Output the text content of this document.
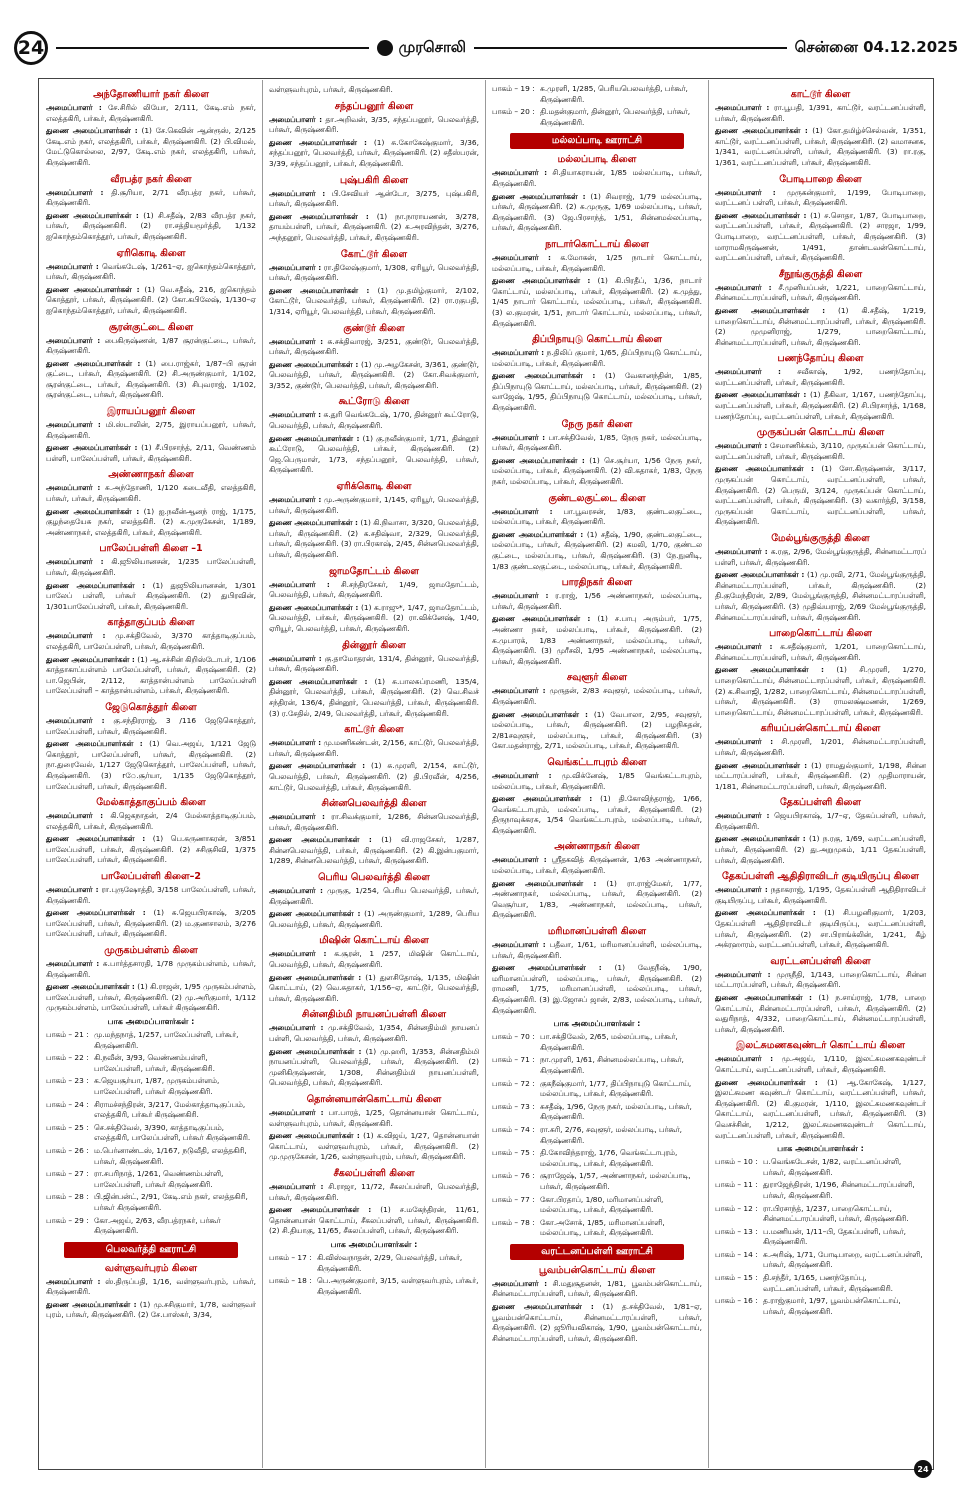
24	முரசொலி	சென்னை 04.12.2025
அந்தோணியார் நகர் கிளை
அமைப்பாளர் : சே.சிரில் லியோ, 2/111, கேடி.எம் நகர், எலத்தகிரி, பர்கூர், கிருஷ்ணகிரி.
துணை அமைப்பாளர்கள் : (1) சே.கெவின் ஆன்ரூஸ், 2/125 கேடி.எம் நகர், எலத்தகிரி, பர்கூர், கிருஷ்ணகிரி. (2) பி.விமல், மேட்டுகொல்லை, 2/97, கேடி.எம் நகர், எலத்தகிரி, பர்கூர், கிருஷ்ணகிரி.
வீரபத்ர நகர் கிளை
அமைப்பாளர் : தி.சூரியா, 2/71 வீரபத்ர நகர், பர்கூர், கிருஷ்ணகிரி.
துணை அமைப்பாளர்கள் : (1) சி.சதீஷ், 2/83 வீரபத்ர நகர், பர்கூர், கிருஷ்ணகிரி. (2) ரா.சத்தியமூர்த்தி, 1/132 ஐகொந்தம்கொத்தூர், பர்கூர், கிருஷ்ணகிரி.
ஏரிகொடி கிளை
அமைப்பாளர் : வெங்கடேஷ், 1/261–ஏ, ஐகொந்தம்கொத்தூர், பர்கூர், கிருஷ்ணகிரி.
துணை அமைப்பாளர்கள் : (1) வெ.சதீஷ், 216, ஐகொந்தம் கொத்தூர், பர்கூர், கிருஷ்ணகிரி. (2) கோ.கபிலேஷ், 1/130–ஏ ஐகொந்தம்கொத்தூர், பர்கூர், கிருஷ்ணகிரி.
சூரன்குட்டை கிளை
அமைப்பாளர் : பைகிருஷ்ணன், 1/87 சூரன்குட்டை, பர்கூர், கிருஷ்ணகிரி.
துணை அமைப்பாளர்கள் : (1) பை.ராஜ்கர், 1/87–பி சூரன் குட்டை, பர்கூர், கிருஷ்ணகிரி. (2) சி.அருண்குமார், 1/102, சூரன்குட்டை, பர்கூர், கிருஷ்ணகிரி. (3) சிபுவராஜ், 1/102, சூரன்குட்டை, பர்கூர், கிருஷ்ணகிரி.
இராயப்பனூர் கிளை
அமைப்பாளர் : மி.ஸ்டாலின், 2/75, இராயப்பனூர், பர்கூர், கிருஷ்ணகிரி.
துணை அமைப்பாளர்கள் : (1) சீ.பிரசாந்த், 2/11, வெண்ணம் பள்ளி, பாலேப்பள்ளி, பர்கூர், கிருஷ்ணகிரி.
அண்ணாநகர் கிளை
அமைப்பாளர் : சு.அந்தோணி, 1/120 கடைவீதி, எலத்தகிரி, பர்கூர், பர்கூர், கிருஷ்ணகிரி.
துணை அமைப்பாளர்கள் : (1) ஐ.நவீன்ஆனந் ராஜ், 1/175, குழந்தையேசு நகர், எலத்தகிரி. (2) க.முருகேசன், 1/189, அண்ணாநகர், எலத்தகிரி, பர்கூர், கிருஷ்ணகிரி.
பாலேப்பள்ளி கிளை –1
அமைப்பாளர் : கி.ஜூலியானசன், 1/235 பாலேப்பள்ளி, பர்கூர், கிருஷ்ணகிரி.
துணை அமைப்பாளர்கள் : (1) துஜூலியானசன், 1/301 பாலேப் பள்ளி, பர்கூர் கிருஷ்ணகிரி. (2) துபிரவின், 1/301பாலேப்பள்ளி, பர்கூர், கிருஷ்ணகிரி.
காத்தாகுப்பம் கிளை
அமைப்பாளர் : மு.சக்திவேல், 3/370 காத்தாடிகுப்பம், எலத்தகிரி, பாலேப்பள்ளி, பர்கூர், கிருஷ்ணகிரி.
துணை அமைப்பாளர்கள் : (1) ஆ.சச்சின் கிறிஸ்டோபர், 1/106 காத்தாகாப்பள்ளம் பாலேப்பள்ளி, பர்கூர், கிருஷ்ணகிரி. (2) பா.ஜெபின், 2/112, காத்தான்பள்ளம் பாலேப்பள்ளி பாலேப்பள்ளி – காத்தான்பள்ளம், பர்கூர், கிருஷ்ணகிரி.
ஜேடுகொத்தூர் கிளை
அமைப்பாளர் : கு.சந்திரராஜ், 3 /116 ஜேடுகொத்தூர், பாலேப்பள்ளி, பர்கூர், கிருஷ்ணகிரி.
துணை அமைப்பாளர்கள் : (1) வெ.அஜய், 1/121 ஜேடு கொத்தூர், பாலேப்பள்ளி, பர்கூர், கிருஷ்ணகிரி. (2) நா.துரைவேல், 1/127 ஜேடுகொத்தூர், பாலேப்பள்ளி, பர்கூர், கிருஷ்ணகிரி. (3) rே.சூர்யா, 1/135 ஜேடுகொத்தூர், பாலேப்பள்ளி, பர்கூர், கிருஷ்ணகிரி.
மேல்காத்தாகுப்பம் கிளை
அமைப்பாளர் : கி.ஜெகநாதன், 2/4 மேல்காத்தாடிகுப்பம், எலத்தகிரி, பர்கூர், கிருஷ்ணகிரி.
துணை அமைப்பாளர்கள் : (1) பெ.கருணாகரன், 3/851 பாலேப்பள்ளி, பர்கூர், கிருஷ்ணகிரி. (2) சசிகுசிவி, 1/375 பாலேப்பள்ளி, பர்கூர், கிருஷ்ணகிரி.
பாலேப்பள்ளி கிளை–2
அமைப்பாளர் : ரா.புருஷோத்தி, 3/158 பாலேப்பள்ளி, பர்கூர், கிருஷ்ணகிரி.
துணை அமைப்பாளர்கள் : (1) சு.ஜெயபிரகாஷ், 3/205 பாலேப்பள்ளி, பர்கூர், கிருஷ்ணகிரி. (2) ம.குணசாலம், 3/276 பாலேப்பள்ளி, பர்கூர், கிருஷ்ணகிரி.
முருகம்பள்ளம் கிளை
அமைப்பாளர் : சு.பார்த்தசாரதி, 1/78 முருகம்பள்ளம், பர்கூர், கிருஷ்ணகிரி.
துணை அமைப்பாளர்கள் : (1) கி.ராஜன், 1/95 முருகம்பள்ளம், பாலேப்பள்ளி, பர்கூர், கிருஷ்ணகிரி. (2) மு.அரிகுமார், 1/112 முருகம்பள்ளம், பாலேப்பள்ளி, பர்கூர் கிருஷ்ணகிரி.
பாக அமைப்பாளர்கள் :
பாகம் – 21 : மு.மந்தநாத், 1/257, பாலேப்பள்ளி, பர்கூர், கிருஷ்ணகிரி.
பாகம் – 22 : கி.நவீன், 3/93, வெண்ணம்பள்ளி, பாலேப்பள்ளி, பர்கூர், கிருஷ்ணகிரி.
பாகம் – 23 : க.ஜெயசூர்யா, 1/87, முருகம்பள்ளம், பாலேப்பள்ளி, பர்கூர் கிருஷ்ணகிரி.
பாகம் – 24 : சிராமச்சந்திரன், 3/217, மேல்காத்தாடிகுப்பம், எலத்தகிரி, பர்கூர் கிருஷ்ணகிரி.
பாகம் – 25 : செ.சக்திவேல், 3/390, காத்தாடிகுப்பம், எலத்தகிரி, பாலேப்பள்ளி, பர்கூர் கிருஷ்ணகிரி.
பாகம் – 26 : ம.பெர்னாண்டஸ், 1/167, நடுவீதி, எலத்தகிரி, பர்கூர், கிருஷ்ணகிரி.
பாகம் – 27 : ரா.சபரிநாத், 1/261, வெண்ணம்பள்ளி, பாலேப்பள்ளி, பர்கூர் கிருஷ்ணகிரி.
பாகம் – 28 : பி.ஜின்பன்ட், 2/91, கேடி.எம் நகர், எலத்தகிரி, பர்கூர் கிருஷ்ணகிரி.
பாகம் – 29 : கோ.அஜய், 2/63, வீரபத்ரநகர், பர்கூர் கிருஷ்ணகிரி.
பெலவர்த்தி ஊராட்சி
வள்ளுவர்புரம் கிளை
அமைப்பாளர் : ஸ்.திருப்பதி, 1/16, வள்ளுவர்புரம், பர்கூர், கிருஷ்ணகிரி.
துணை அமைப்பாளர்கள் : (1) மு.சசிகுமார், 1/78, வள்ளுவர் புரம், பர்கூர், கிருஷ்ணகிரி. (2) சே.பாஸ்கர், 3/34,
வள்ளுவர்புரம், பர்கூர், கிருஷ்ணகிரி.
சந்தப்பனூர் கிளை
அமைப்பாளர் : தா.அறிவன், 3/35, சந்தப்பனூர், பெலவர்த்தி, பர்கூர், கிருஷ்ணகிரி.
துணை அமைப்பாளர்கள் : (1) சு.கோகேஷ்குமார், 3/36, சந்தப்பனூர், பெலவர்த்தி, பர்கூர், கிருஷ்ணகிரி. (2) சதீஸ்பரன், 3/39, சந்தப்பனூர், பர்கூர், கிருஷ்ணகிரி.
புஷ்பகிரி கிளை
அமைப்பாளர் : பி.சேவியர் ஆன்டோ, 3/275, புஷ்பகிரி, பர்கூர், கிருஷ்ணகிரி.
துணை அமைப்பாளர்கள் : (1) நா.நாராயணன், 3/278, தாயம்பள்ளி, பர்கூர், கிருஷ்ணகிரி. (2) சு.அரவிந்தன், 3/276, அந்தனூர், பெலவர்த்தி, பர்கூர், கிருஷ்ணகிரி.
கோட்டூர் கிளை
அமைப்பாளர் : ரா.திலேஷ்குமார், 1/308, ஏரியூர், பெலவர்த்தி, பர்கூர், கிருஷ்ணகிரி.
துணை அமைப்பாளர்கள் : (1) மு.தமிழ்குமார், 2/102, கோட்டூர், பெலவர்த்தி, பர்கூர், கிருஷ்ணகிரி. (2) ரா.ரகுபதி, 1/314, ஏரியூர், பெலவர்த்தி, பர்கூர், கிருஷ்ணகிரி.
குண்டூர் கிளை
அமைப்பாளர் : சு.சக்திவாரஜ், 3/251, குண்டூர், பெலவர்த்தி, பர்கூர், கிருஷ்ணகிரி.
துணை அமைப்பாளர்கள் : (1) மு.அழகேசன், 3/361, குண்டூர், பெலவர்த்தி, பர்கூர், கிருஷ்ணகிரி. (2) கோ.சிவக்குமார், 3/352, குண்டூர், பெலவர்த்தி, பர்கூர், கிருஷ்ணகிரி.
கூட்ரோடு கிளை
அமைப்பாளர் : சு.துரி வெங்கடேஷ், 1/70, தின்னூர் கூட்ரோடு, பெலவர்த்தி, பர்கூர், கிருஷ்ணகிரி.
துணை அமைப்பாளர்கள் : (1) கு.நவீன்குமார், 1/71, தின்னூர் கூட்ரோடு, பெலவர்த்தி, பர்கூர், கிருஷ்ணகிரி. (2) ஜெ.பெருமாள், 1/73, சந்தப்பனூர், பெலவர்த்தி, பர்கூர், கிருஷ்ணகிரி.
ஏரிக்கொடி கிளை
அமைப்பாளர் : மு.அருண்குமார், 1/145, ஏரியூர், பெலவர்த்தி, பர்கூர், கிருஷ்ணகிரி.
துணை அமைப்பாளர்கள் : (1) கி.நிவாசா, 3/320, பெலவர்த்தி, பர்கூர், கிருஷ்ணகிரி. (2) க.சதிஷ்வா, 2/329, பெலவர்த்தி, பர்கூர், கிருஷ்ணகிரி. (3) ரா.பிரகாஷ், 2/45, சின்னபெலவர்த்தி, பர்கூர், கிருஷ்ணகிரி.
ஜாமதோட்டம் கிளை
அமைப்பாளர் : சி.சந்திரசேகர், 1/49, ஜாமதோட்டம், பெலவர்த்தி, பர்கூர், கிருஷ்ணகிரி.
துணை அமைப்பாளர்கள் : (1) க.ராஜு*, 1/47, ஜாமதோட்டம், பெலவர்த்தி, பர்கூர், கிருஷ்ணகிரி. (2) ரா.விக்னேஷ், 1/40, ஏரியூர், பெலவர்த்தி, பர்கூர், கிருஷ்ணகிரி.
தின்னூர் கிளை
அமைப்பாளர் : கு.தாமோதரன், 131/4, தின்னூர், பெலவர்த்தி, பர்கூர், கிருஷ்ணகிரி.
துணை அமைப்பாளர்கள் : (1) சு.பாலசுப்ரமணி, 135/4, தின்னூர், பெலவர்த்தி, பர்கூர், கிருஷ்ணகிரி. (2) வெ.சிவச் சந்திரன், 136/4, தின்னூர், பெலவர்த்தி, பர்கூர், கிருஷ்ணகிரி. (3) ர.சேதில், 2/49, பெலவர்த்தி, பர்கூர், கிருஷ்ணகிரி.
காட்டூர் கிளை
அமைப்பாளர் : மு.மணிகண்டன், 2/156, காட்டூர், பெலவர்த்தி, பர்கூர், கிருஷ்ணகிரி.
துணை அமைப்பாளர்கள் : (1) சு.முரளி, 2/154, காட்டூர், பெலவர்த்தி, பர்கூர், கிருஷ்ணகிரி. (2) தி.பிரவீன், 4/256, காட்டூர், பெலவர்த்தி, பர்கூர், கிருஷ்ணகிரி.
சின்னபெலவர்த்தி கிளை
அமைப்பாளர் : ரா.சிவக்குமார், 1/286, சின்னபெலவர்த்தி, பர்கூர், கிருஷ்ணகிரி.
துணை அமைப்பாளர்கள் : (1) வி.ராஜசேகர், 1/287, சின்னபெலவர்த்தி, பர்கூர், கிருஷ்ணகிரி. (2) கி.இன்பகுமார், 1/289, சின்னபெலவர்த்தி, பர்கூர், கிருஷ்ணகிரி.
பெரிய பெலவர்த்தி கிளை
அமைப்பாளர் : முருகு, 1/254, பெரிய பெலவர்த்தி, பர்கூர், கிருஷ்ணகிரி.
துணை அமைப்பாளர்கள் : (1) அருண்குமார், 1/289, பெரிய பெலவர்த்தி, பர்கூர், கிருஷ்ணகிரி.
மிஷின் கொட்டாய் கிளை
அமைப்பாளர் : க.சூரன், 1 /257, மிஷின் கொட்டாய், பெலவர்த்தி, பர்கூர், கிருஷ்ணகிரி.
துணை அமைப்பாளர்கள் : (1) துளசிதோஷ், 1/135, மிஷின் கொட்டாய், (2) வெ.சுதாகர், 1/156–ஏ, காட்டூர், பெலவர்த்தி, பர்கூர், கிருஷ்ணகிரி.
சின்னதிம்மி நாயனப்பள்ளி கிளை
அமைப்பாளர் : மு.சக்திவேல், 1/354, சின்னதிம்மி நாயனப் பள்ளி, பெலவர்த்தி, பர்கூர், கிருஷ்ணகிரி.
துணை அமைப்பாளர்கள் : (1) மு.ஹரி, 1/353, சின்னதிம்மி நாயனப்பள்ளி, பெலவர்த்தி, பர்கூர், கிருஷ்ணகிரி. (2) முனிகிருஷ்ணன், 1/308, சின்னதிம்மி நாயனப்பள்ளி, பெலவர்த்தி, பர்கூர், கிருஷ்ணகிரி.
தொன்னயான்கொட்டாய் கிளை
அமைப்பாளர் : பா.பாரத், 1/25, தொன்னயான் கொட்டாய், வள்ளுவர்புரம், பர்கூர், கிருஷ்ணகிரி.
துணை அமைப்பாளர்கள் : (1) க.விஜய், 1/27, தொன்னயான் கொட்டாய், வள்ளுவர்புரம், பர்கூர், கிருஷ்ணகிரி. (2) மு.முருகேசன், 1/26, வள்ளுவர்புரம், பர்கூர், கிருஷ்ணகிரி.
சீகலப்பள்ளி கிளை
அமைப்பாளர் : சி.ராஜா, 11/72, சீகலப்பள்ளி, பெலவர்த்தி, பர்கூர், கிருஷ்ணகிரி.
துணை அமைப்பாளர்கள் : (1) ச.மகேந்திரன், 11/61, தொன்னயான் கொட்டாய், சீகலப்பள்ளி, பர்கூர், கிருஷ்ணகிரி. (2) சி.தியாகு, 11/65, சீகலப்பள்ளி, பர்கூர், கிருஷ்ணகிரி.
பாக அமைப்பாளர்கள் :
பாகம் – 17 : கி.விஸ்வநாதன், 2/29, பெலவர்த்தி, பர்கூர், கிருஷ்ணகிரி.
பாகம் – 18 : பெ.அருண்குமார், 3/15, வள்ளுவர்புரம், பர்கூர், கிருஷ்ணகிரி.
பாகம் – 19 : சு.முரளி, 1/285, பெரியபெலவர்த்தி, பர்கூர், கிருஷ்ணகிரி.
பாகம் – 20 : தி.மதன்குமார், தின்னூர், பெலவர்த்தி, பர்கூர், கிருஷ்ணகிரி.
மல்லப்பாடி ஊராட்சி
மல்லப்பாடி கிளை
அமைப்பாளர் : சி.தியாகராயன், 1/85 மல்லப்பாடி, பர்கூர், கிருஷ்ணகிரி.
துணை அமைப்பாளர்கள் : (1) சிவராஜ், 1/79 மல்லப்பாடி, பர்கூர், கிருஷ்ணகிரி. (2) சு.முருகு, 1/69 மல்லப்பாடி, பர்கூர், கிருஷ்ணகிரி. (3) ஜே.பிரசாந்த், 1/51, சின்னமல்லப்பாடி, பர்கூர், கிருஷ்ணகிரி.
நாடார்கொட்டாய் கிளை
அமைப்பாளர் : க.மோகன், 1/25 நாடார் கொட்டாய், மல்லப்பாடி, பர்கூர், கிருஷ்ணகிரி.
துணை அமைப்பாளர்கள் : (1) கி.பிரதீப், 1/36, நாடார் கொட்டாய், மல்லப்பாடி, பர்கூர், கிருஷ்ணகிரி. (2) க.முத்து, 1/45 நாடார் கொட்டாய், மல்லப்பாடி, பர்கூர், கிருஷ்ணகிரி. (3) ல.குமரன், 1/51, நாடார் கொட்டாய், மல்லப்பாடி, பர்கூர், கிருஷ்ணகிரி.
திப்பிநாயுடு கொட்டாய் கிளை
அமைப்பாளர் : ந.திலிப் குமார், 1/65, திப்பிநாயுடு கொட்டாய், மல்லப்பாடி, பர்கூர், கிருஷ்ணகிரி.
துணை அமைப்பாளர்கள் : (1) வேகானந்தின், 1/85, திப்பிநாயுடு கொட்டாய், மல்லப்பாடி, பர்கூர், கிருஷ்ணகிரி. (2) வாஜேஷ், 1/95, திப்பிநாயுடு கொட்டாய், மல்லப்பாடி, பர்கூர், கிருஷ்ணகிரி.
நேரு நகர் கிளை
அமைப்பாளர் : பா.சக்திவேல், 1/85, நேரு நகர், மல்லப்பாடி, பர்கூர், கிருஷ்ணகிரி.
துணை அமைப்பாளர்கள் : (1) செ.சூர்யா, 1/56 நேரு நகர், மல்லப்பாடி, பர்கூர், கிருஷ்ணகிரி. (2) வி.கதாகர், 1/83, நேரு நகர், மல்லப்பாடி, பர்கூர், கிருஷ்ணகிரி.
குண்டலகுட்டை கிளை
அமைப்பாளர் : பா.பூவரசன், 1/83, குண்டலகுட்டை, மல்லப்பாடி, பர்கூர், கிருஷ்ணகிரி.
துணை அமைப்பாளர்கள் : (1) சதீஷ், 1/90, குண்டலகுட்டை, மல்லப்பாடி, பர்கூர், கிருஷ்ணகிரி. (2) கமலி, 1/70, குண்டல குட்டை, மல்லப்பாடி, பர்கூர், கிருஷ்ணகிரி. (3) நே.நுனிடி, 1/83 குண்டலகுட்டை, மல்லப்பாடி, பர்கூர், கிருஷ்ணகிரி.
பாரதிநகர் கிளை
அமைப்பாளர் : ர.ராஜ், 1/56 அண்ணாநகர், மல்லப்பாடி, பர்கூர், கிருஷ்ணகிரி.
துணை அமைப்பாளர்கள் : (1) ச.பாபு அரும்பர், 1/75, அண்ணா நகர், மல்லப்பாடி, பர்கூர், கிருஷ்ணகிரி. (2) சு.முபாரக், 1/83 அண்ணாநகர், மல்லப்பாடி, பர்கூர், கிருஷ்ணகிரி. (3) முரீசலி, 1/95 அண்ணாநகர், மல்லப்பாடி, பர்கூர், கிருஷ்ணகிரி.
சவுளூர் கிளை
அமைப்பாளர் : முருதன், 2/83 சவுளூர், மல்லப்பாடி, பர்கூர், கிருஷ்ணகிரி.
துணை அமைப்பாளர்கள் : (1) வேபாலா, 2/95, சவுளூர், மல்லப்பாடி, பர்கூர், கிருஷ்ணகிரி. (2) பழநிசுதன், 2/81சவுளூர், மல்லப்பாடி, பர்கூர், கிருஷ்ணகிரி. (3) கோ.மதன்ராஜ், 2/71, மல்லப்பாடி, பர்கூர், கிருஷ்ணகிரி.
வெங்கட்டாபுரம் கிளை
அமைப்பாளர் : மு.விக்னேஷ், 1/85 வெங்கட்டாபுரம், மல்லப்பாடி, பர்கூர், கிருஷ்ணகிரி.
துணை அமைப்பாளர்கள் : (1) தி.கோவிந்தராஜ், 1/66, வெங்கட்டாபுரம், மல்லப்பாடி, பர்கூர், கிருஷ்ணகிரி. (2) திருநாவுக்கரசு, 1/54 வெங்கட்டாபுரம், மல்லப்பாடி, பர்கூர், கிருஷ்ணகிரி.
அண்ணாநகர் கிளை
அமைப்பாளர் : ஸ்ரீதகவித் கிருஷ்ணன், 1/63 அண்ணாநகர், மல்லப்பாடி, பர்கூர், கிருஷ்ணகிரி.
துணை அமைப்பாளர்கள் : (1) ரா.ராஜ்மேகர், 1/77, அண்ணாநகர், மல்லப்பாடி, பர்கூர், கிருஷ்ணகிரி. (2) வெசூர்யா, 1/83, அண்ணாநகர், மல்லப்பாடி, பர்கூர், கிருஷ்ணகிரி.
மரிமானப்பள்ளி கிளை
அமைப்பாளர் : பதீவா, 1/61, மரிமானப்பள்ளி, மல்லப்பாடி, பர்கூர், கிருஷ்ணகிரி.
துணை அமைப்பாளர்கள் : (1) வேதநீஷ், 1/90, மரிமானப்பள்ளி, மல்லப்பாடி, பர்கூர், கிருஷ்ணகிரி. (2) ராமணி, 1/75, மரிமானப்பள்ளி, மல்லப்பாடி, பர்கூர், கிருஷ்ணகிரி. (3) இ.ஜோசப் ஜான், 2/83, மல்லப்பாடி, பர்கூர், கிருஷ்ணகிரி.
பாக அமைப்பாளர்கள் :
பாகம் – 70 : பா.சக்திவேல், 2/65, மல்லப்பாடி, பர்கூர், கிருஷ்ணகிரி.
பாகம் – 71 : நா.முரளி, 1/61, சின்னமல்லப்பாடி, பர்கூர், கிருஷ்ணகிரி.
பாகம் – 72 : குகநீஷ்குமார், 1/77, திப்பிநாயுடு கொட்டாய், மல்லப்பாடி, பர்கூர், கிருஷ்ணகிரி.
பாகம் – 73 : சுசதீஷ், 1/96, நேரு நகர், மல்லப்பாடி, பர்கூர், கிருஷ்ணகிரி.
பாகம் – 74 : ரா.சுரி, 2/76, சவுளூர், மல்லப்பாடி, பர்கூர், கிருஷ்ணகிரி.
பாகம் – 75 : தி.கோவிந்தராஜ், 1/76, வெங்கட்டாபுரம், மல்லப்பாடி, பர்கூர், கிருஷ்ணகிரி.
பாகம் – 76 : சூராஜேஷ், 1/57, அண்ணாநகர், மல்லப்பாடி, பர்கூர், கிருஷ்ணகிரி.
பாகம் – 77 : கோ.பிரதாப், 1/80, மரிமானப்பள்ளி, மல்லப்பாடி, பர்கூர், கிருஷ்ணகிரி.
பாகம் – 78 : கோ.அசோக், 1/85, மரிமானப்பள்ளி, மல்லப்பாடி, பர்கூர், கிருஷ்ணகிரி.
வரட்டனப்பள்ளி ஊராட்சி
பூவம்பன்கொட்டாய் கிளை
அமைப்பாளர் : சி.மதுசூதனன், 1/81, பூவம்பன்கொட்டாய், சின்னமட்டாரப்பள்ளி, பர்கூர், கிருஷ்ணகிரி.
துணை அமைப்பாளர்கள் : (1) த.சக்திவேல், 1/81–ஏ, பூவம்பன்கொட்டாய், சின்னமட்டாரப்பள்ளி, பர்கூர், கிருஷ்ணகிரி. (2) ஜூரியவிகாஷ், 1/90, பூவம்பன்கொட்டாய், சின்னமட்டாரப்பள்ளி, பர்கூர், கிருஷ்ணகிரி.
காட்டூர் கிளை
அமைப்பாளர் : ரா.பூபதி, 1/391, காட்டூர், வரட்டனப்பள்ளி, பர்கூர், கிருஷ்ணகிரி.
துணை அமைப்பாளர்கள் : (1) கோ.தமிழ்ச்செல்வன், 1/351, காட்டூர், வரட்டனப்பள்ளி, பர்கூர், கிருஷ்ணகிரி. (2) வமாசனசு, 1/341, வரட்டனப்பள்ளி, பர்கூர், கிருஷ்ணகிரி. (3) ரா.ரகு, 1/361, வரட்டனப்பள்ளி, பர்கூர், கிருஷ்ணகிரி.
போடிபாறை கிளை
அமைப்பாளர் : முருகன்குமார், 1/199, போடிபாறை, வரட்டனப் பள்ளி, பர்கூர், கிருஷ்ணகிரி.
துணை அமைப்பாளர்கள் : (1) ச.சொதா, 1/87, போடிபாறை, வரட்டனப்பள்ளி, பர்கூர், கிருஷ்ணகிரி. (2) சாரஜா, 1/99, போடிபாறை, வரட்டனப்பள்ளி, பர்கூர், கிருஷ்ணகிரி. (3) மாராமகிருஷ்ணன், 1/491, தாண்டவன்கொட்டாய், வரட்டனப்பள்ளி, பர்கூர், கிருஷ்ணகிரி.
சீநூங்குருத்தி கிளை
அமைப்பாளர் : சீ.முனியப்பன், 1/221, பாறைகொட்டாய், சின்னமட்டாரப்பள்ளி, பர்கூர், கிருஷ்ணகிரி.
துணை அமைப்பாளர்கள் : (1) கி.சதீஷ், 1/219, பாறைகொட்டாய், சின்னமட்டாரப்பள்ளி, பர்கூர், கிருஷ்ணகிரி. (2) முமுனிராஜ், 1/279, பாறைகொட்டாய், சின்னமட்டாரப்பள்ளி, பர்கூர், கிருஷ்ணகிரி.
பணந்தோப்பு கிளை
அமைப்பாளர் : சவீகாஷ், 1/92, பணந்தோப்பு, வரட்டனப்பள்ளி, பர்கூர், கிருஷ்ணகிரி.
துணை அமைப்பாளர்கள் : (1) தீகிவா, 1/167, பணந்தோப்பு, வரட்டனப்பள்ளி, பர்கூர், கிருஷ்ணகிரி. (2) சி.பிரசாந்த், 1/168, பணந்தோப்பு, வரட்டனப்பள்ளி, பர்கூர், கிருஷ்ணகிரி.
முருகப்பன் கொட்டாய் கிளை
அமைப்பாளர் : சேமாணிக்கம், 3/110, முருகப்பன் கொட்டாய், வரட்டனப்பள்ளி, பர்கூர், கிருஷ்ணகிரி.
துணை அமைப்பாளர்கள் : (1) சோ.கிருஷ்ணன், 3/117, முருகப்பன் கொட்டாய், வரட்டனப்பள்ளி, பர்கூர், கிருஷ்ணகிரி. (2) பெருமி, 3/124, முருகப்பன் கொட்டாய், வரட்டனப்பள்ளி, பர்கூர், கிருஷ்ணகிரி. (3) வகார்த்தி, 3/158, முருகப்பன் கொட்டாய், வரட்டனப்பள்ளி, பர்கூர், கிருஷ்ணகிரி.
மேல்பூங்குருத்தி கிளை
அமைப்பாளர் : க.ரகு, 2/96, மேல்பூங்குருத்தி, சின்னமட்டாரப் பள்ளி, பர்கூர், கிருஷ்ணகிரி.
துணை அமைப்பாளர்கள் : (1) மு.ரவி, 2/71, மேல்பூங்குருத்தி, சின்னமட்டாரப்பள்ளி, பர்கூர், கிருஷ்ணகிரி. (2) தி.குமேந்திரன், 2/89, மேல்பூங்குருத்தி, சின்னமட்டாரப்பள்ளி, பர்கூர், கிருஷ்ணகிரி. (3) முதிவ்யராஜ், 2/69 மேல்பூங்குருத்தி, சின்னமட்டாரப்பள்ளி, பர்கூர், கிருஷ்ணகிரி.
பாறைகொட்டாய் கிளை
அமைப்பாளர் : க.சதீஷ்குமார், 1/201, பாறைகொட்டாய், சின்னமட்டாரப்பள்ளி, பர்கூர், கிருஷ்ணகிரி.
துணை அமைப்பாளர்கள் : (1) சி.முரளி, 1/270, பாறைகொட்டாய், சின்னமட்டாரப்பள்ளி, பர்கூர், கிருஷ்ணகிரி. (2) க.சிவாஜி, 1/282, பாறைகொட்டாய், சின்னமட்டாரப்பள்ளி, பர்கூர், கிருஷ்ணகிரி. (3) ராமலக்ஷ்மணன், 1/269, பாறைகொட்டாய், சின்னமட்டாரப்பள்ளி, பர்கூர், கிருஷ்ணகிரி.
கரியப்பன்கொட்டாய் கிளை
அமைப்பாளர் : சி.முரளி, 1/201, சின்னமட்டாரப்பள்ளி, பர்கூர், கிருஷ்ணகிரி.
துணை அமைப்பாளர்கள் : (1) ராமதுல்குமார், 1/198, சின்ன மட்டாரப்பள்ளி, பர்கூர், கிருஷ்ணகிரி. (2) முதிமாராயன், 1/181, சின்னமட்டாரப்பள்ளி, பர்கூர், கிருஷ்ணகிரி.
தேகப்பள்ளி கிளை
அமைப்பாளர் : ஜெயபிரகாஷ், 1/7–ஏ, தேகப்பள்ளி, பர்கூர், கிருஷ்ணகிரி.
துணை அமைப்பாளர்கள் : (1) ந.ரகு, 1/69, வரட்டனப்பள்ளி, பர்கூர், கிருஷ்ணகிரி. (2) து.அறுமுகம், 1/11 தேகப்பள்ளி, பர்கூர், கிருஷ்ணகிரி.
தேகப்பள்ளி ஆதிதிராவிடர் குடியிருப்பு கிளை
அமைப்பாளர் : நதாகராஜ், 1/195, தேகப்பள்ளி ஆதிதிராவிடர் குடியிருப்பு, பர்கூர், கிருஷ்ணகிரி.
துணை அமைப்பாளர்கள் : (1) சி.பழனிகுமார், 1/203, தேகப்பள்ளி ஆதிதிராவிடர் குடியிருப்பு, வரட்டனப்பள்ளி, பர்கூர், கிருஷ்ணகிரி. (2) சா.பிராங்க்லின், 1/241, கீழ் அக்ரஹாரம், வரட்டனப்பள்ளி, பர்கூர், கிருஷ்ணகிரி.
வரட்டனப்பள்ளி கிளை
அமைப்பாளர் : முருநீதி, 1/143, பாறைகொட்டாய், சின்ன மட்டாரப்பள்ளி, பர்கூர், கிருஷ்ணகிரி.
துணை அமைப்பாளர்கள் : (1) ந.சாய்ராஜ், 1/78, பாறை கொட்டாய், சின்னமட்டாரப்பள்ளி, பர்கூர், கிருஷ்ணகிரி. (2) வதுரிநாத், 4/332, பாறைகொட்டாய், சின்னமட்டாரப்பள்ளி, பர்கூர், கிருஷ்ணகிரி.
இலட்சுமணகவுண்டர் கொட்டாய் கிளை
அமைப்பாளர் : மு.அஜய், 1/110, இலட்சுமணகவுண்டர் கொட்டாய், வரட்டனப்பள்ளி, பர்கூர், கிருஷ்ணகிரி.
துணை அமைப்பாளர்கள் : (1) ஆ.கோகேஷ், 1/127, இலட்சுமண கவுண்டர் கொட்டாய், வரட்டனப்பள்ளி, பர்கூர், கிருஷ்ணகிரி. (2) கி.குமரன், 1/110, இலட்சுமணகவுண்டர் கொட்டாய், வரட்டனப்பள்ளி, பர்கூர், கிருஷ்ணகிரி. (3) வெசச்சின், 1/212, இலட்சுமணகவுண்டர் கொட்டாய், வரட்டனப்பள்ளி, பர்கூர், கிருஷ்ணகிரி.
பாக அமைப்பாளர்கள் :
பாகம் – 10 : ப.வெங்கடேசன், 1/82, வரட்டனப்பள்ளி, பர்கூர், கிருஷ்ணகிரி.
பாகம் – 11 : துராஜேந்திரன், 1/196, சின்னமட்டாரப்பள்ளி, பர்கூர், கிருஷ்ணகிரி.
பாகம் – 12 : ரா.பிரசாந்த், 1/237, பாறைகொட்டாய், சின்னமட்டாரப்பள்ளி, பர்கூர், கிருஷ்ணகிரி.
பாகம் – 13 : ப.மணியன், 1/11–பி, தேகப்பள்ளி, பர்கூர், கிருஷ்ணகிரி.
பாகம் – 14 : சு.அரிஷ், 1/71, போடிபாறை, வரட்டனப்பள்ளி, பர்கூர், கிருஷ்ணகிரி.
பாகம் – 15 : தி.சந்தீர், 1/165, பணந்தோப்பு, வரட்டனப்பள்ளி, பர்கூர், கிருஷ்ணகிரி.
பாகம் – 16 : த.ராஜ்குமார், 1/97, பூவம்பன்கொட்டாய், பர்கூர், கிருஷ்ணகிரி.
24
